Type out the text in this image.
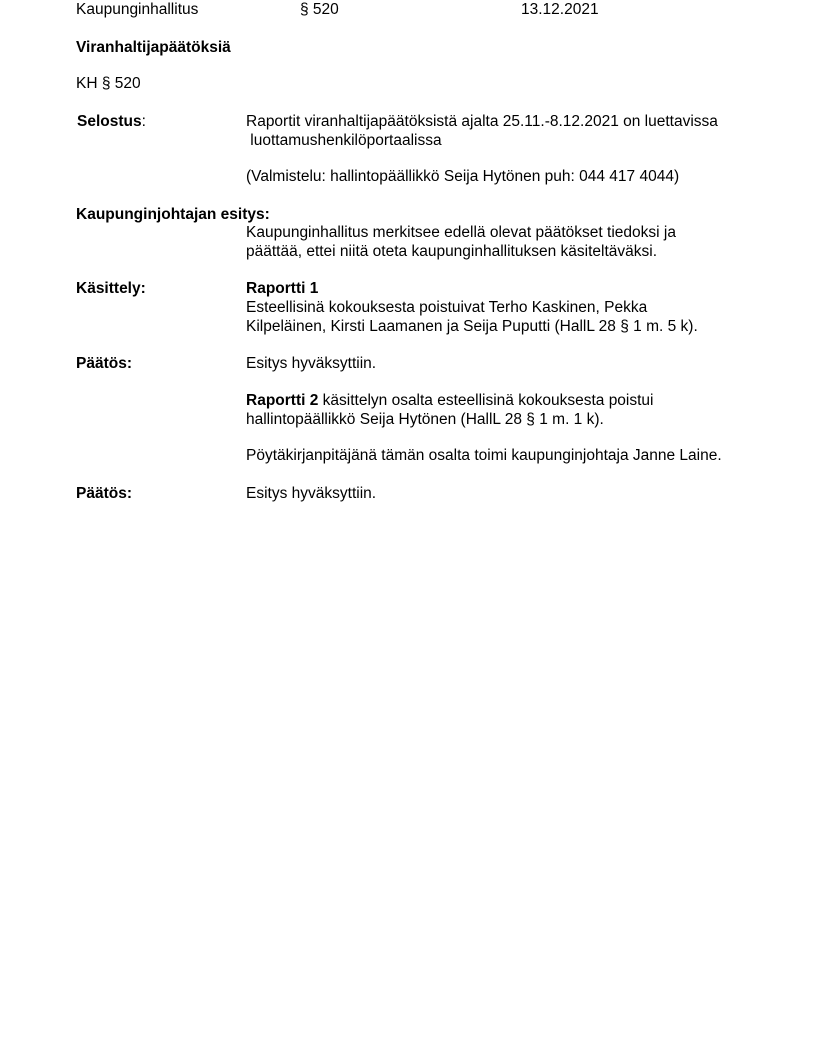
Kaupunginhallitus	§ 520	13.12.2021
Viranhaltijapäätöksiä
KH § 520
Selostus:	Raportit viranhaltijapäätöksistä ajalta 25.11.-8.12.2021 on luettavissa
luottamushenkilöportaalissa
(Valmistelu: hallintopäällikkö Seija Hytönen puh: 044 417 4044)
Kaupunginjohtajan esitys:
Kaupunginhallitus merkitsee edellä olevat päätökset tiedoksi ja
päättää, ettei niitä oteta kaupunginhallituksen käsiteltäväksi.
Käsittely:	Raportti 1
Esteellisinä kokouksesta poistuivat Terho Kaskinen, Pekka
Kilpeläinen, Kirsti Laamanen ja Seija Puputti (HallL 28 § 1 m. 5 k).
Päätös:	Esitys hyväksyttiin.
Raportti 2 käsittelyn osalta esteellisinä kokouksesta poistui
hallintopäällikkö Seija Hytönen (HallL 28 § 1 m. 1 k).
Pöytäkirjanpitäjänä tämän osalta toimi kaupunginjohtaja Janne Laine.
Päätös:	Esitys hyväksyttiin.
